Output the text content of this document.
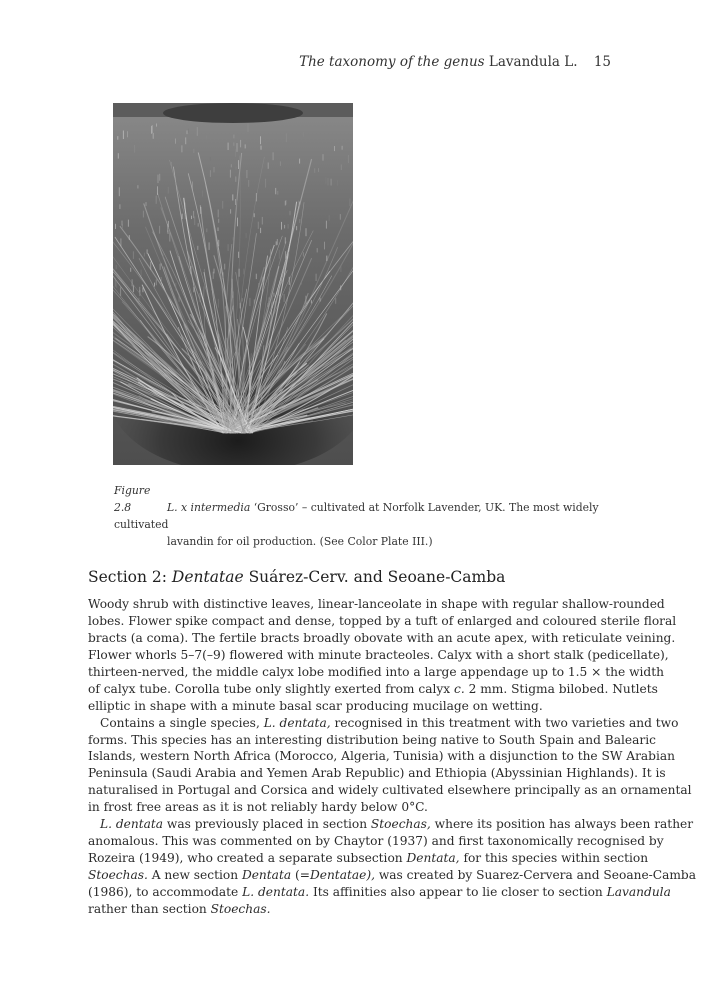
The taxonomy of the genus Lavandula L. 15
Figure 2.8	L. x intermedia ‘Grosso’ – cultivated at Norfolk Lavender, UK. The most widely cultivated
lavandin for oil production. (See Color Plate III.)
Section 2: Dentatae Suárez-Cerv. and Seoane-Camba
Woody shrub with distinctive leaves, linear-lanceolate in shape with regular shallow-rounded
lobes. Flower spike compact and dense, topped by a tuft of enlarged and coloured sterile floral
bracts (a coma). The fertile bracts broadly obovate with an acute apex, with reticulate veining.
Flower whorls 5–7(–9) flowered with minute bracteoles. Calyx with a short stalk (pedicellate),
thirteen-nerved, the middle calyx lobe modified into a large appendage up to 1.5 × the width
of calyx tube. Corolla tube only slightly exerted from calyx c. 2 mm. Stigma bilobed. Nutlets
elliptic in shape with a minute basal scar producing mucilage on wetting.
Contains a single species, L. dentata, recognised in this treatment with two varieties and two
forms. This species has an interesting distribution being native to South Spain and Balearic
Islands, western North Africa (Morocco, Algeria, Tunisia) with a disjunction to the SW Arabian
Peninsula (Saudi Arabia and Yemen Arab Republic) and Ethiopia (Abyssinian Highlands). It is
naturalised in Portugal and Corsica and widely cultivated elsewhere principally as an ornamental
in frost free areas as it is not reliably hardy below 0°C.
L. dentata was previously placed in section Stoechas, where its position has always been rather
anomalous. This was commented on by Chaytor (1937) and first taxonomically recognised by
Rozeira (1949), who created a separate subsection Dentata, for this species within section
Stoechas. A new section Dentata (=Dentatae), was created by Suarez-Cervera and Seoane-Camba
(1986), to accommodate L. dentata. Its affinities also appear to lie closer to section Lavandula
rather than section Stoechas.
